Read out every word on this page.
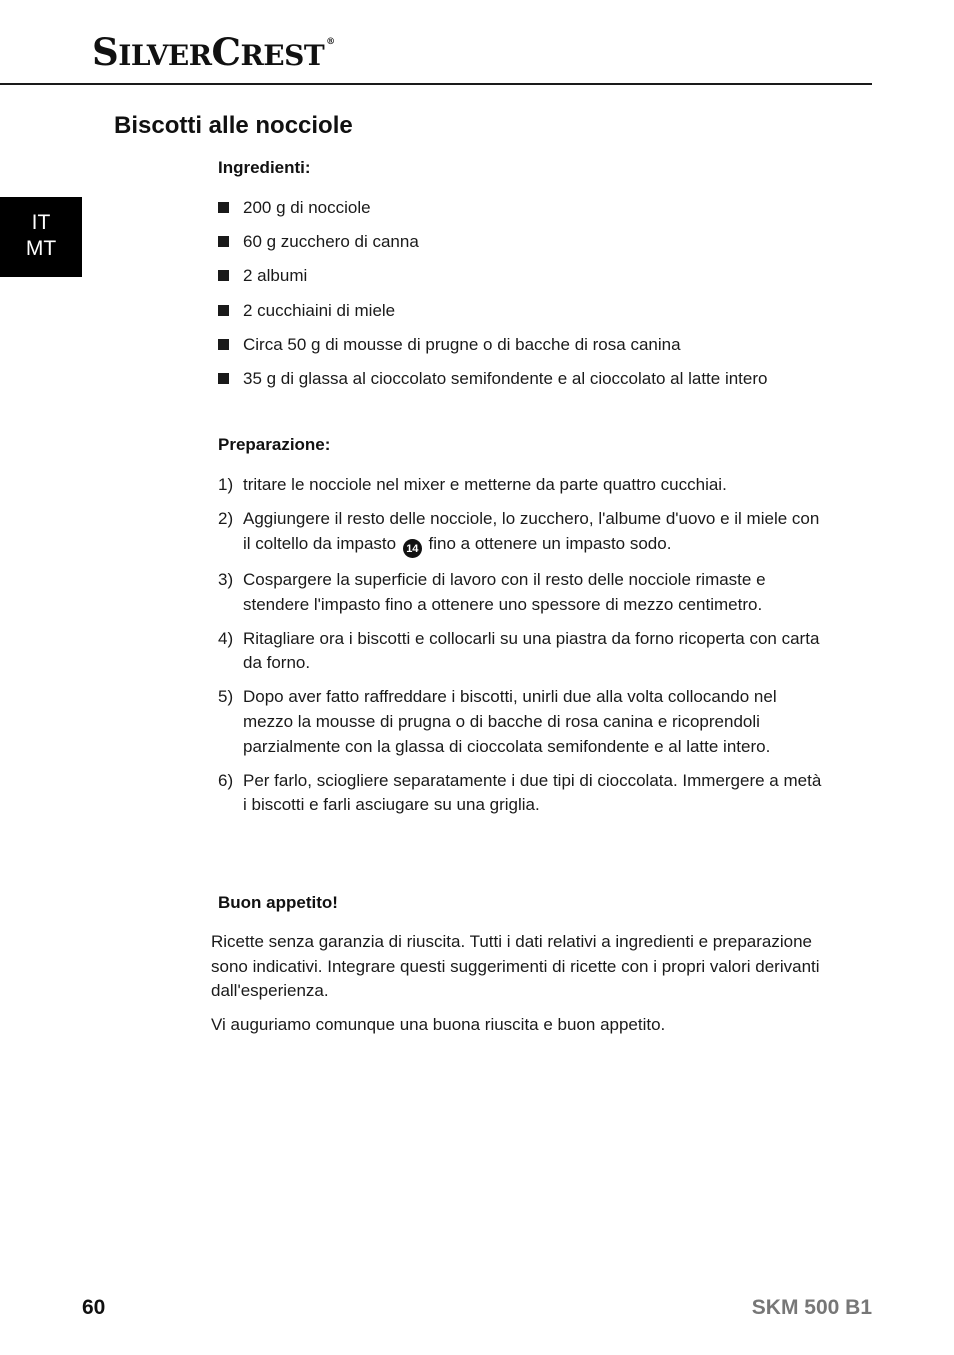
SILVERCREST ®
IT
MT
Biscotti alle nocciole

Ingredienti:

200 g di nocciole
60 g zucchero di canna
2 albumi
2 cucchiaini di miele
Circa 50 g di mousse di prugne o di bacche di rosa canina
35 g di glassa al cioccolato semifondente e al cioccolato al latte intero

Preparazione:

1) tritare le nocciole nel mixer e metterne da parte quattro cucchiai.
2) Aggiungere il resto delle nocciole, lo zucchero, l'albume d'uovo e il miele con il coltello da impasto 14 fino a ottenere un impasto sodo.
3) Cospargere la superficie di lavoro con il resto delle nocciole rimaste e stendere l'impasto fino a ottenere uno spessore di mezzo centimetro.
4) Ritagliare ora i biscotti e collocarli su una piastra da forno ricoperta con carta da forno.
5) Dopo aver fatto raffreddare i biscotti, unirli due alla volta collocando nel mezzo la mousse di prugna o di bacche di rosa canina e ricoprendoli parzialmente con la glassa di cioccolata semifondente e al latte intero.
6) Per farlo, sciogliere separatamente i due tipi di cioccolata. Immergere a metà i biscotti e farli asciugare su una griglia.

Buon appetito!

Ricette senza garanzia di riuscita. Tutti i dati relativi a ingredienti e preparazione sono indicativi. Integrare questi suggerimenti di ricette con i propri valori derivanti dall'esperienza.

Vi auguriamo comunque una buona riuscita e buon appetito.

60	SKM 500 B1
